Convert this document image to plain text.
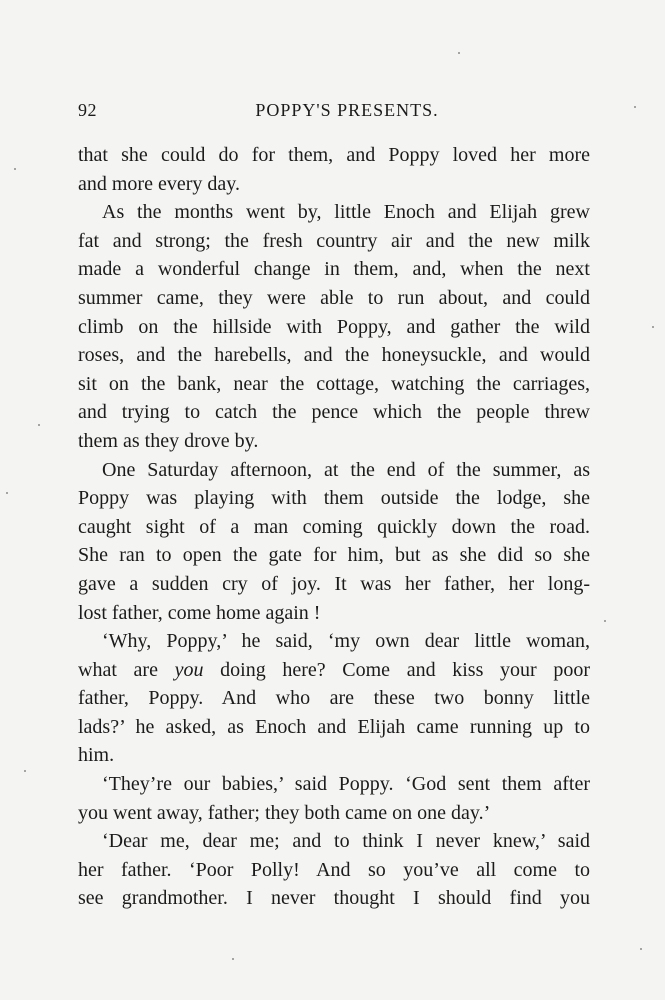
92	POPPY'S PRESENTS.
that she could do for them, and Poppy loved her more
and more every day.
As the months went by, little Enoch and Elijah grew
fat and strong; the fresh country air and the new milk
made a wonderful change in them, and, when the next
summer came, they were able to run about, and could
climb on the hillside with Poppy, and gather the wild
roses, and the harebells, and the honeysuckle, and would
sit on the bank, near the cottage, watching the carriages,
and trying to catch the pence which the people threw
them as they drove by.
One Saturday afternoon, at the end of the summer, as
Poppy was playing with them outside the lodge, she
caught sight of a man coming quickly down the road.
She ran to open the gate for him, but as she did so she
gave a sudden cry of joy. It was her father, her long-
lost father, come home again !
‘Why, Poppy,’ he said, ‘my own dear little woman,
what are you doing here? Come and kiss your poor
father, Poppy. And who are these two bonny little
lads?’ he asked, as Enoch and Elijah came running up to
him.
‘They’re our babies,’ said Poppy. ‘God sent them after
you went away, father; they both came on one day.’
‘Dear me, dear me; and to think I never knew,’ said
her father. ‘Poor Polly! And so you’ve all come to
see grandmother. I never thought I should find you
